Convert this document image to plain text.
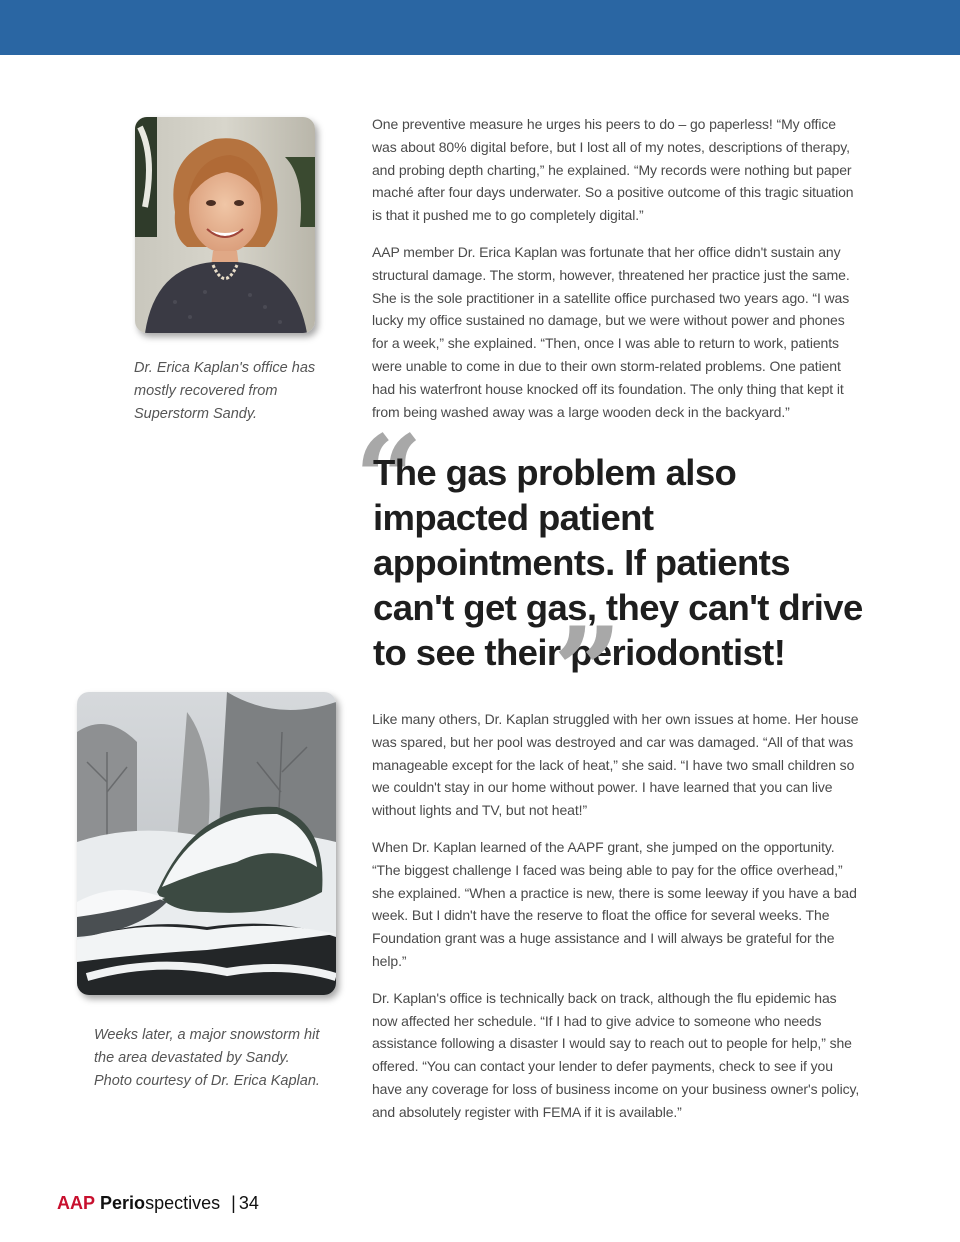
Dr. Erica Kaplan's office has mostly recovered from Superstorm Sandy.

Weeks later, a major snowstorm hit the area devastated by Sandy. Photo courtesy of Dr. Erica Kaplan.

One preventive measure he urges his peers to do – go paperless! “My office was about 80% digital before, but I lost all of my notes, descriptions of therapy, and probing depth charting,” he explained. “My records were nothing but paper maché after four days underwater. So a positive outcome of this tragic situation is that it pushed me to go completely digital.”

AAP member Dr. Erica Kaplan was fortunate that her office didn't sustain any structural damage. The storm, however, threatened her practice just the same. She is the sole practitioner in a satellite office purchased two years ago. “I was lucky my office sustained no damage, but we were without power and phones for a week,” she explained. “Then, once I was able to return to work, patients were unable to come in due to their own storm-related problems. One patient had his waterfront house knocked off its foundation. The only thing that kept it from being washed away was a large wooden deck in the backyard.”

“

The gas problem also impacted patient appointments. If patients can't get gas, they can't drive to see their periodontist!

”

Like many others, Dr. Kaplan struggled with her own issues at home. Her house was spared, but her pool was destroyed and car was damaged. “All of that was manageable except for the lack of heat,” she said. “I have two small children so we couldn't stay in our home without power. I have learned that you can live without lights and TV, but not heat!”

When Dr. Kaplan learned of the AAPF grant, she jumped on the opportunity. “The biggest challenge I faced was being able to pay for the office overhead,” she explained. “When a practice is new, there is some leeway if you have a bad week. But I didn't have the reserve to float the office for several weeks. The Foundation grant was a huge assistance and I will always be grateful for the help.”

Dr. Kaplan's office is technically back on track, although the flu epidemic has now affected her schedule. “If I had to give advice to someone who needs assistance following a disaster I would say to reach out to people for help,” she offered. “You can contact your lender to defer payments, check to see if you have any coverage for loss of business income on your business owner's policy, and absolutely register with FEMA if it is available.”

AAP Periospectives | 34
